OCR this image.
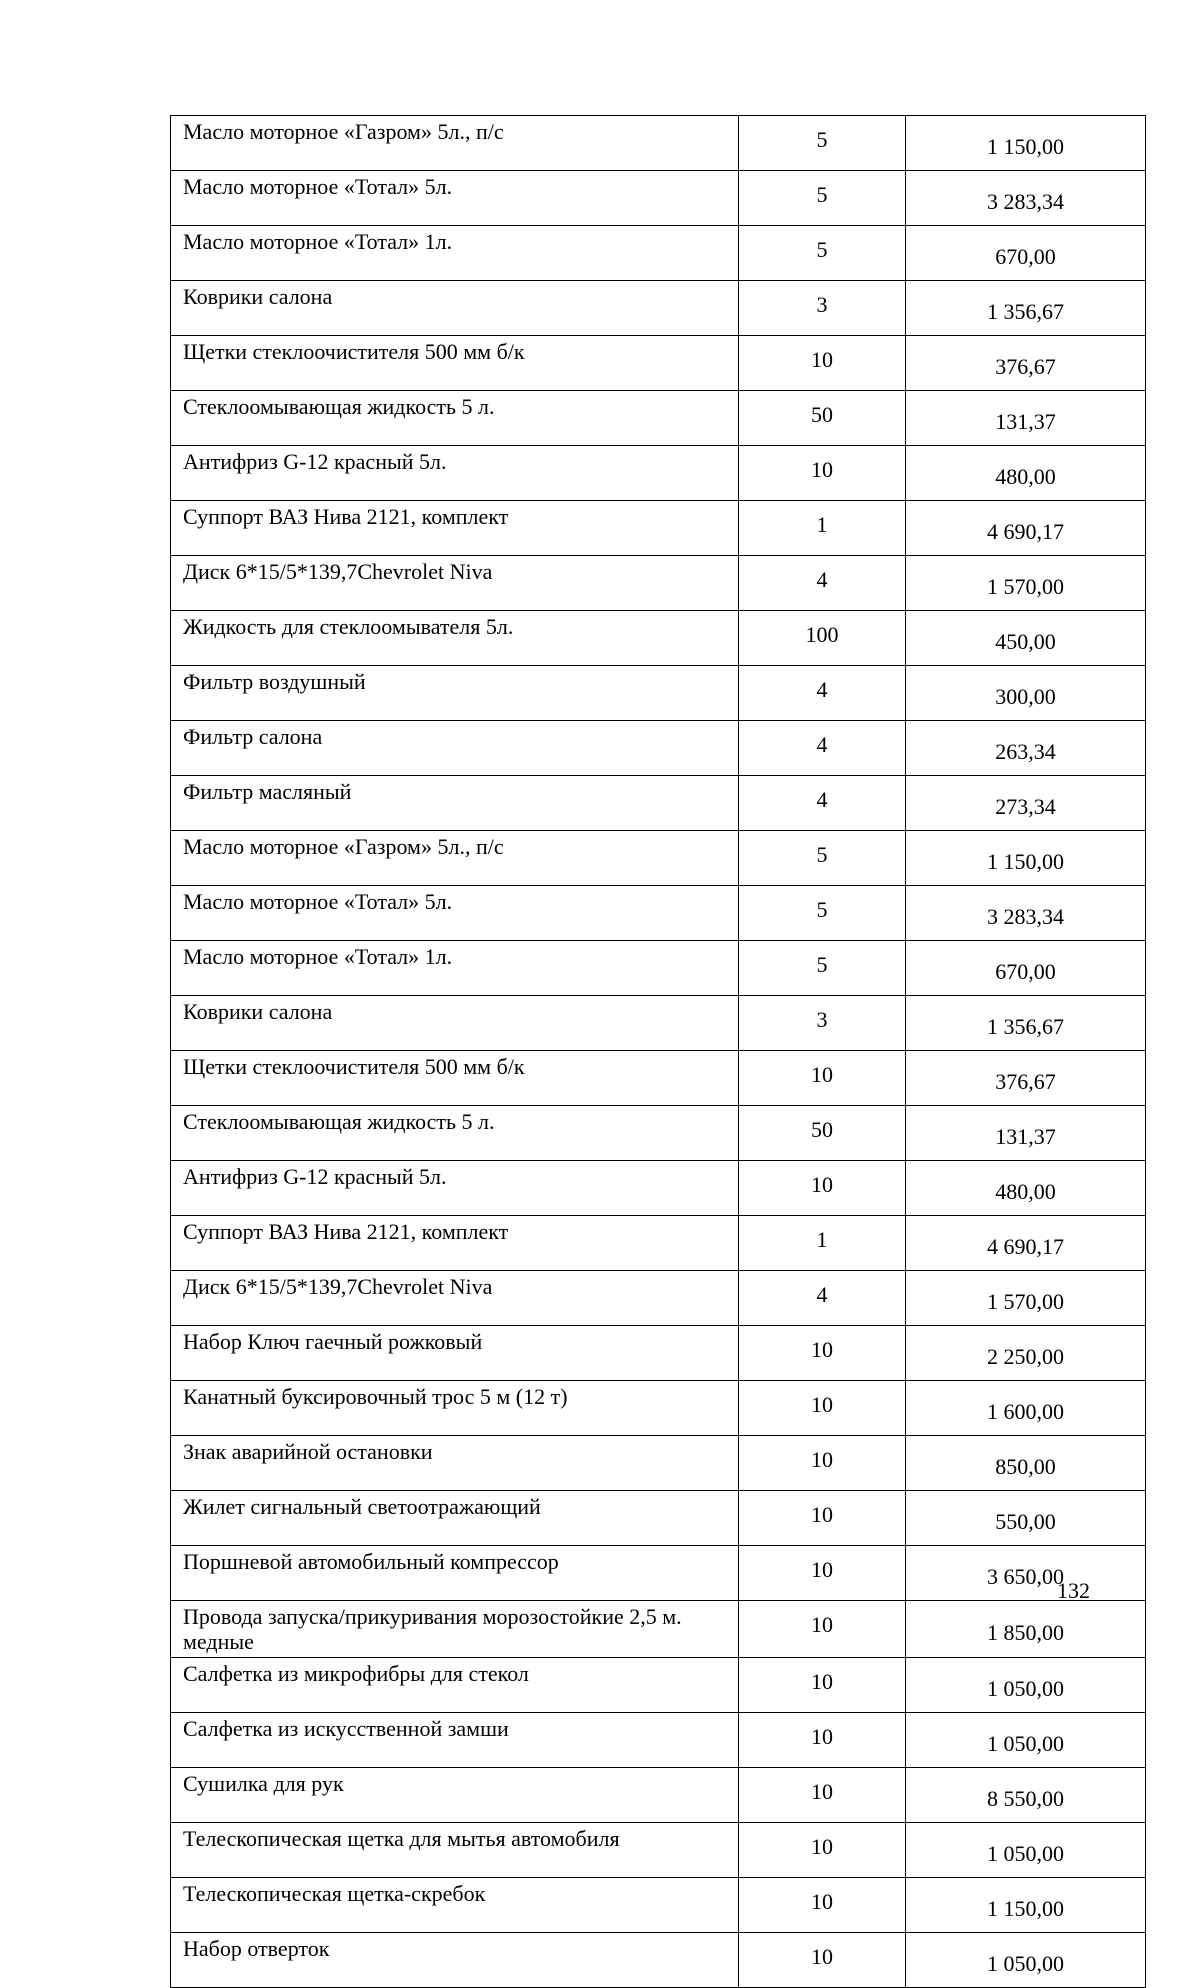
Масло моторное «Газром» 5л., п/с	5	1 150,00
Масло моторное «Тотал» 5л.	5	3 283,34
Масло моторное «Тотал» 1л.	5	670,00
Коврики салона	3	1 356,67
Щетки стеклоочистителя 500 мм б/к	10	376,67
Стеклоомывающая жидкость 5 л.	50	131,37
Антифриз G-12 красный 5л.	10	480,00
Суппорт ВАЗ Нива 2121, комплект	1	4 690,17
Диск 6*15/5*139,7Chevrolet Niva	4	1 570,00
Жидкость для стеклоомывателя 5л.	100	450,00
Фильтр воздушный	4	300,00
Фильтр салона	4	263,34
Фильтр масляный	4	273,34
Масло моторное «Газром» 5л., п/с	5	1 150,00
Масло моторное «Тотал» 5л.	5	3 283,34
Масло моторное «Тотал» 1л.	5	670,00
Коврики салона	3	1 356,67
Щетки стеклоочистителя 500 мм б/к	10	376,67
Стеклоомывающая жидкость 5 л.	50	131,37
Антифриз G-12 красный 5л.	10	480,00
Суппорт ВАЗ Нива 2121, комплект	1	4 690,17
Диск 6*15/5*139,7Chevrolet Niva	4	1 570,00
Набор Ключ гаечный рожковый	10	2 250,00
Канатный буксировочный трос 5 м (12 т)	10	1 600,00
Знак аварийной остановки	10	850,00
Жилет сигнальный светоотражающий	10	550,00
Поршневой автомобильный компрессор	10	3 650,00
Провода запуска/прикуривания морозостойкие 2,5 м. медные	10	1 850,00
Салфетка из микрофибры для стекол	10	1 050,00
Салфетка из искусственной замши	10	1 050,00
Сушилка для рук	10	8 550,00
Телескопическая щетка для мытья автомобиля	10	1 050,00
Телескопическая щетка-скребок	10	1 150,00
Набор отверток	10	1 050,00
132
